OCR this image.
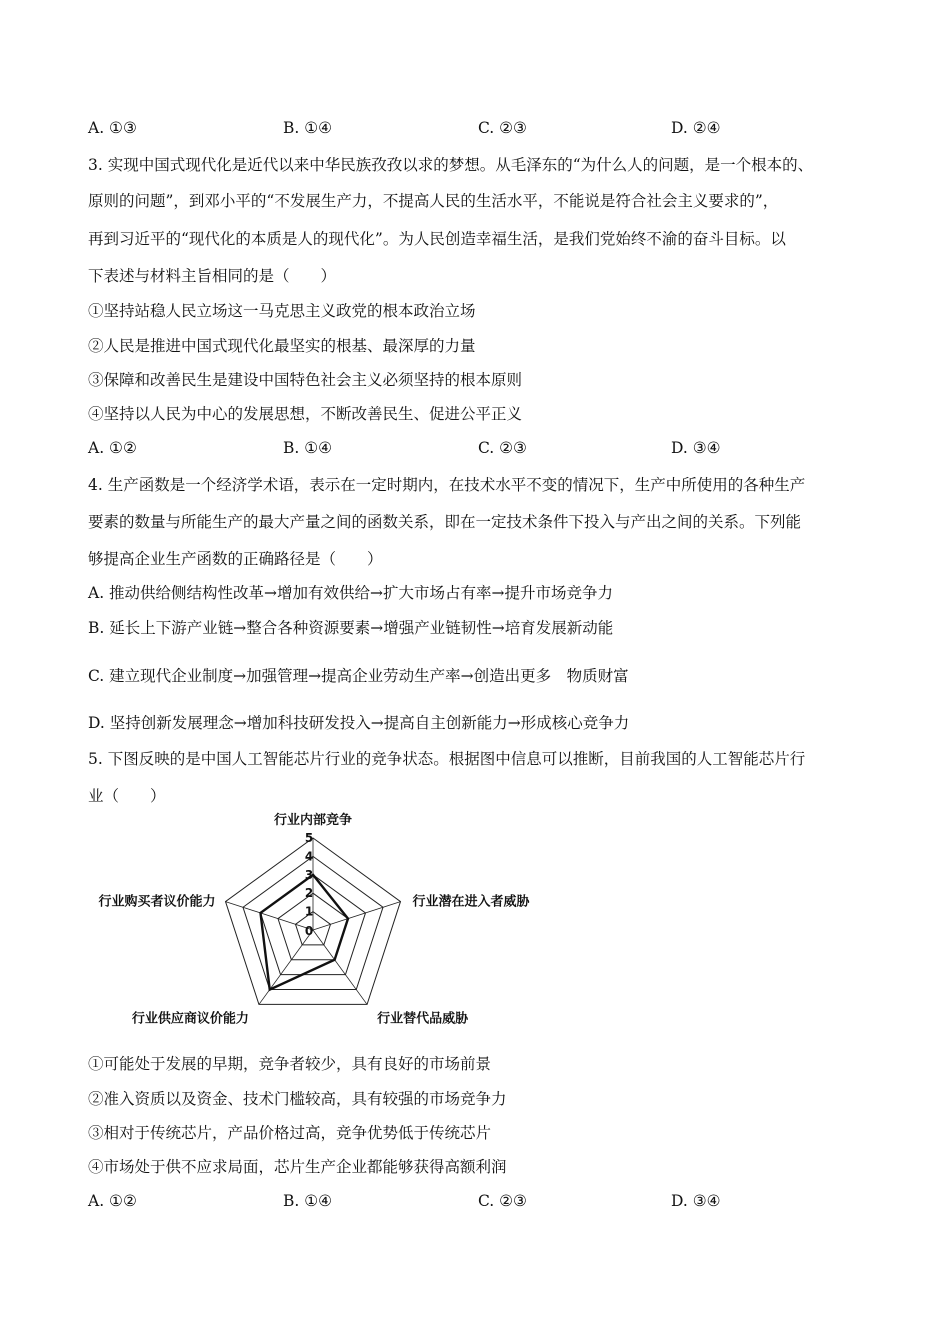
A. ①③	B. ①④	C. ②③	D. ②④
3. 实现中国式现代化是近代以来中华民族孜孜以求的梦想。从毛泽东的“为什么人的问题，是一个根本的、
原则的问题”，到邓小平的“不发展生产力，不提高人民的生活水平，不能说是符合社会主义要求的”，
再到习近平的“现代化的本质是人的现代化”。为人民创造幸福生活，是我们党始终不渝的奋斗目标。以
下表述与材料主旨相同的是（　　）
①坚持站稳人民立场这一马克思主义政党的根本政治立场
②人民是推进中国式现代化最坚实的根基、最深厚的力量
③保障和改善民生是建设中国特色社会主义必须坚持的根本原则
④坚持以人民为中心的发展思想，不断改善民生、促进公平正义
A. ①②	B. ①④	C. ②③	D. ③④
4. 生产函数是一个经济学术语，表示在一定时期内，在技术水平不变的情况下，生产中所使用的各种生产
要素的数量与所能生产的最大产量之间的函数关系，即在一定技术条件下投入与产出之间的关系。下列能
够提高企业生产函数的正确路径是（　　）
A. 推动供给侧结构性改革→增加有效供给→扩大市场占有率→提升市场竞争力
B. 延长上下游产业链→整合各种资源要素→增强产业链韧性→培育发展新动能
C. 建立现代企业制度→加强管理→提高企业劳动生产率→创造出更多　物质财富
D. 坚持创新发展理念→增加科技研发投入→提高自主创新能力→形成核心竞争力
5. 下图反映的是中国人工智能芯片行业的竞争状态。根据图中信息可以推断，目前我国的人工智能芯片行
业（　　）
0
1
2
3
4
5
行业内部竞争
行业潜在进入者威胁
行业替代品威胁
行业供应商议价能力
行业购买者议价能力
①可能处于发展的早期，竞争者较少，具有良好的市场前景
②准入资质以及资金、技术门槛较高，具有较强的市场竞争力
③相对于传统芯片，产品价格过高，竞争优势低于传统芯片
④市场处于供不应求局面，芯片生产企业都能够获得高额利润
A. ①②	B. ①④	C. ②③	D. ③④
